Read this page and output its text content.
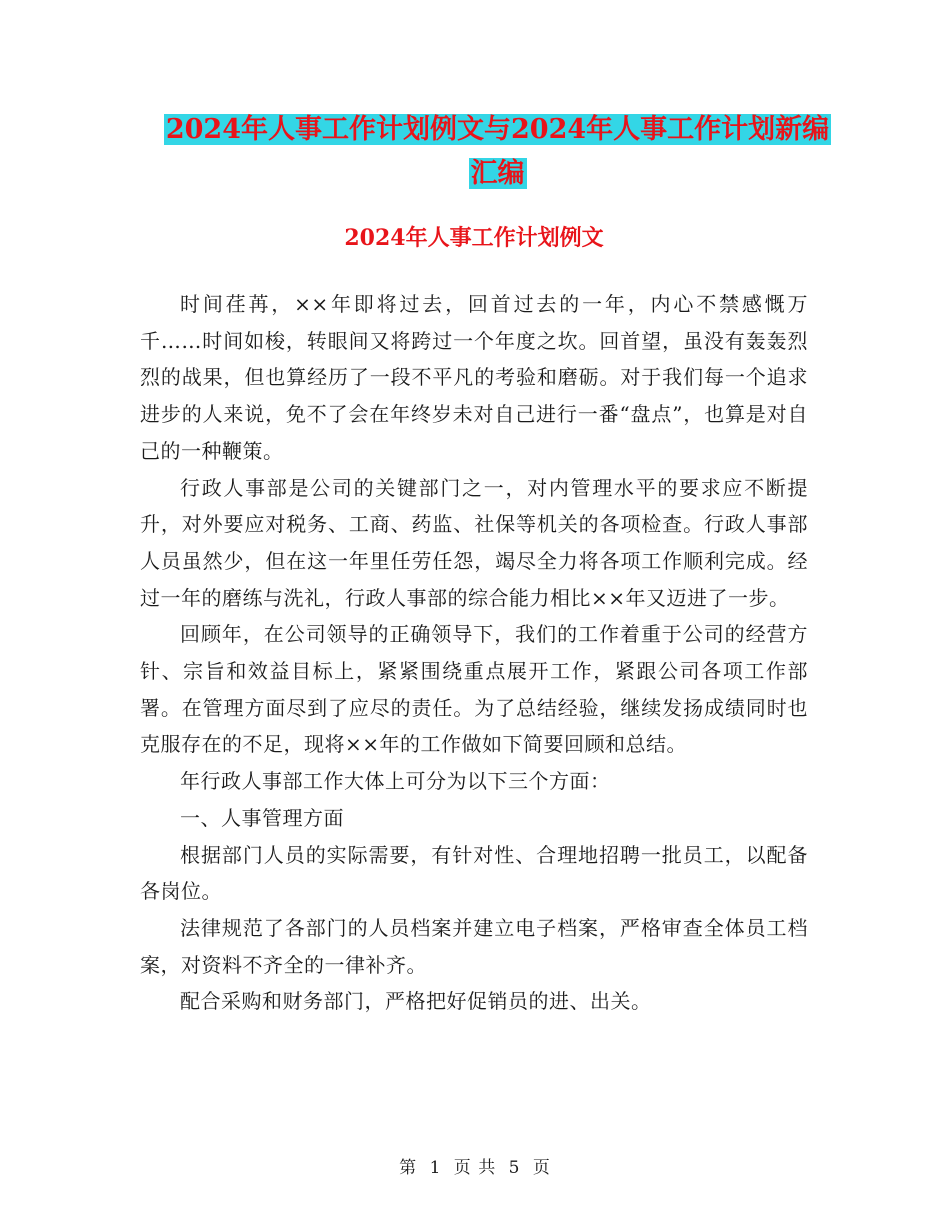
2024年人事工作计划例文与2024年人事工作计划新编
汇编
2024年人事工作计划例文

时间荏苒，××年即将过去，回首过去的一年，内心不禁感慨万千……时间如梭，转眼间又将跨过一个年度之坎。回首望，虽没有轰轰烈烈的战果，但也算经历了一段不平凡的考验和磨砺。对于我们每一个追求进步的人来说，免不了会在年终岁未对自己进行一番“盘点”，也算是对自己的一种鞭策。

行政人事部是公司的关键部门之一，对内管理水平的要求应不断提升，对外要应对税务、工商、药监、社保等机关的各项检查。行政人事部人员虽然少，但在这一年里任劳任怨，竭尽全力将各项工作顺利完成。经过一年的磨练与洗礼，行政人事部的综合能力相比××年又迈进了一步。

回顾年，在公司领导的正确领导下，我们的工作着重于公司的经营方针、宗旨和效益目标上，紧紧围绕重点展开工作，紧跟公司各项工作部署。在管理方面尽到了应尽的责任。为了总结经验，继续发扬成绩同时也克服存在的不足，现将××年的工作做如下简要回顾和总结。

年行政人事部工作大体上可分为以下三个方面：

一、人事管理方面

根据部门人员的实际需要，有针对性、合理地招聘一批员工，以配备各岗位。

法律规范了各部门的人员档案并建立电子档案，严格审查全体员工档案，对资料不齐全的一律补齐。

配合采购和财务部门，严格把好促销员的进、出关。

第 1 页 共 5 页
